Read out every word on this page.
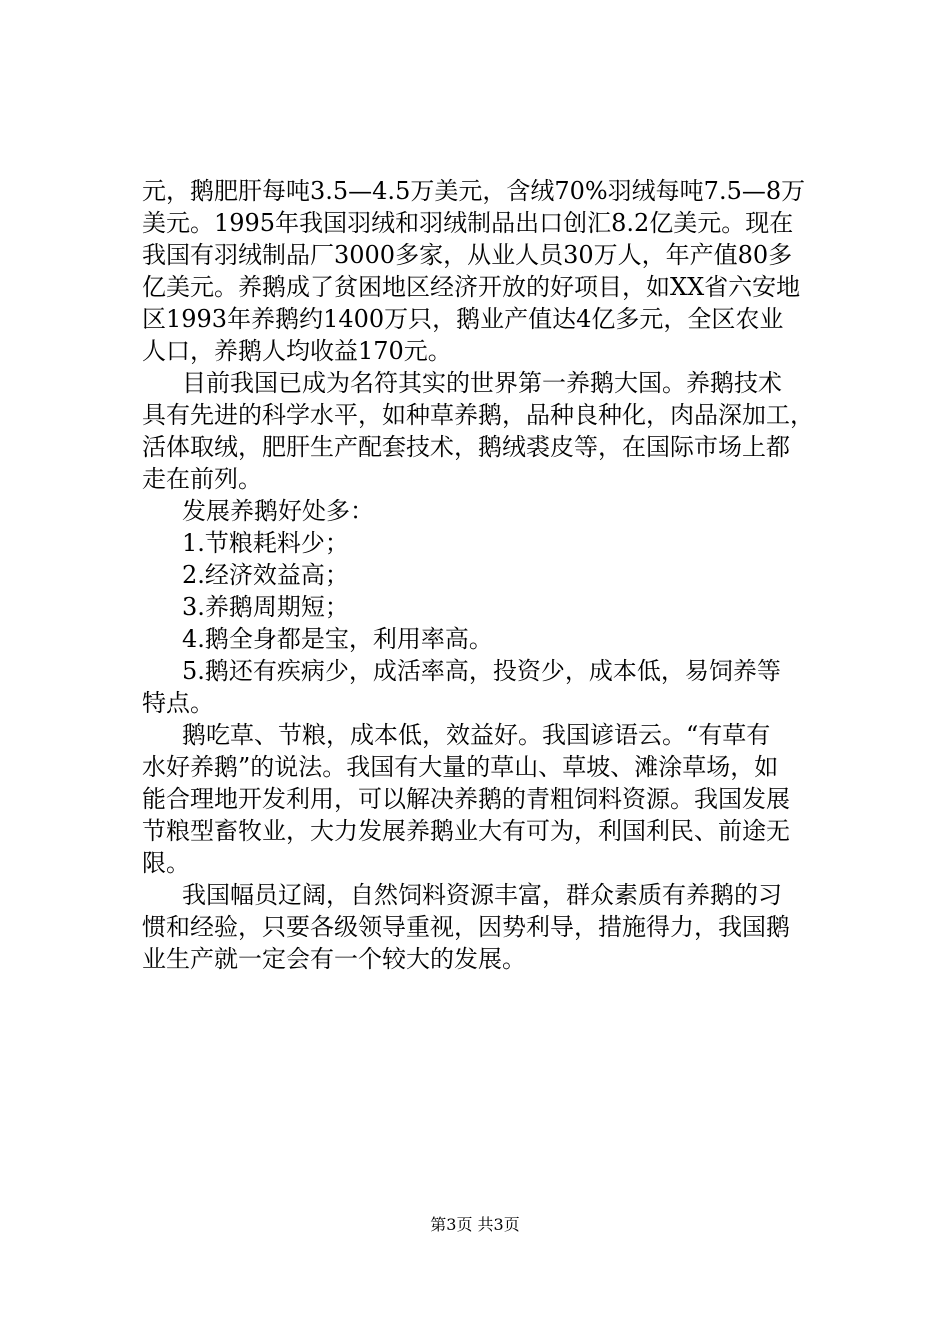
元，鹅肥肝每吨3.5—4.5万美元，含绒70%羽绒每吨7.5—8万
美元。1995年我国羽绒和羽绒制品出口创汇8.2亿美元。现在
我国有羽绒制品厂3000多家，从业人员30万人，年产值80多
亿美元。养鹅成了贫困地区经济开放的好项目，如XX省六安地
区1993年养鹅约1400万只，鹅业产值达4亿多元，全区农业
人口，养鹅人均收益170元。
目前我国已成为名符其实的世界第一养鹅大国。养鹅技术
具有先进的科学水平，如种草养鹅，品种良种化，肉品深加工，
活体取绒，肥肝生产配套技术，鹅绒裘皮等，在国际市场上都
走在前列。
发展养鹅好处多：
1.节粮耗料少；
2.经济效益高；
3.养鹅周期短；
4.鹅全身都是宝，利用率高。
5.鹅还有疾病少，成活率高，投资少，成本低，易饲养等
特点。
鹅吃草、节粮，成本低，效益好。我国谚语云。“有草有
水好养鹅”的说法。我国有大量的草山、草坡、滩涂草场，如
能合理地开发利用，可以解决养鹅的青粗饲料资源。我国发展
节粮型畜牧业，大力发展养鹅业大有可为，利国利民、前途无
限。
我国幅员辽阔，自然饲料资源丰富，群众素质有养鹅的习
惯和经验，只要各级领导重视，因势利导，措施得力，我国鹅
业生产就一定会有一个较大的发展。
第3页 共3页
